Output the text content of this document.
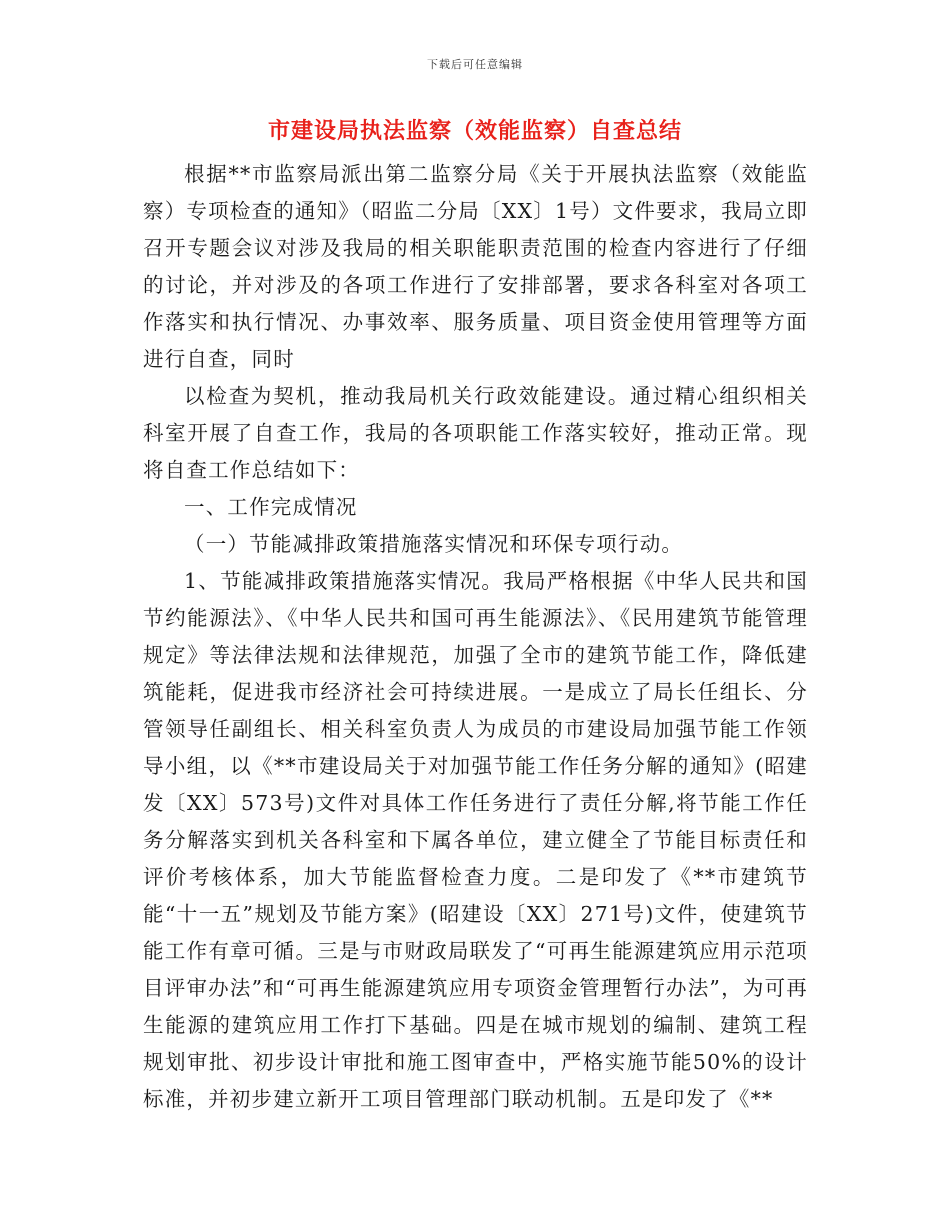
下载后可任意编辑
市建设局执法监察（效能监察）自查总结

根据**市监察局派出第二监察分局《关于开展执法监察（效能监察）专项检查的通知》（昭监二分局〔XX〕1号）文件要求，我局立即召开专题会议对涉及我局的相关职能职责范围的检查内容进行了仔细的讨论，并对涉及的各项工作进行了安排部署，要求各科室对各项工作落实和执行情况、办事效率、服务质量、项目资金使用管理等方面进行自查，同时

以检查为契机，推动我局机关行政效能建设。通过精心组织相关科室开展了自查工作，我局的各项职能工作落实较好，推动正常。现将自查工作总结如下：

一、工作完成情况

（一）节能减排政策措施落实情况和环保专项行动。

1、节能减排政策措施落实情况。我局严格根据《中华人民共和国节约能源法》、《中华人民共和国可再生能源法》、《民用建筑节能管理规定》等法律法规和法律规范，加强了全市的建筑节能工作，降低建筑能耗，促进我市经济社会可持续进展。一是成立了局长任组长、分管领导任副组长、相关科室负责人为成员的市建设局加强节能工作领导小组，以《**市建设局关于对加强节能工作任务分解的通知》(昭建发〔XX〕573号)文件对具体工作任务进行了责任分解,将节能工作任务分解落实到机关各科室和下属各单位，建立健全了节能目标责任和评价考核体系，加大节能监督检查力度。二是印发了《**市建筑节能“十一五”规划及节能方案》(昭建设〔XX〕271号)文件，使建筑节能工作有章可循。三是与市财政局联发了“可再生能源建筑应用示范项目评审办法”和“可再生能源建筑应用专项资金管理暂行办法”，为可再生能源的建筑应用工作打下基础。四是在城市规划的编制、建筑工程规划审批、初步设计审批和施工图审查中，严格实施节能50%的设计标准，并初步建立新开工项目管理部门联动机制。五是印发了《**
